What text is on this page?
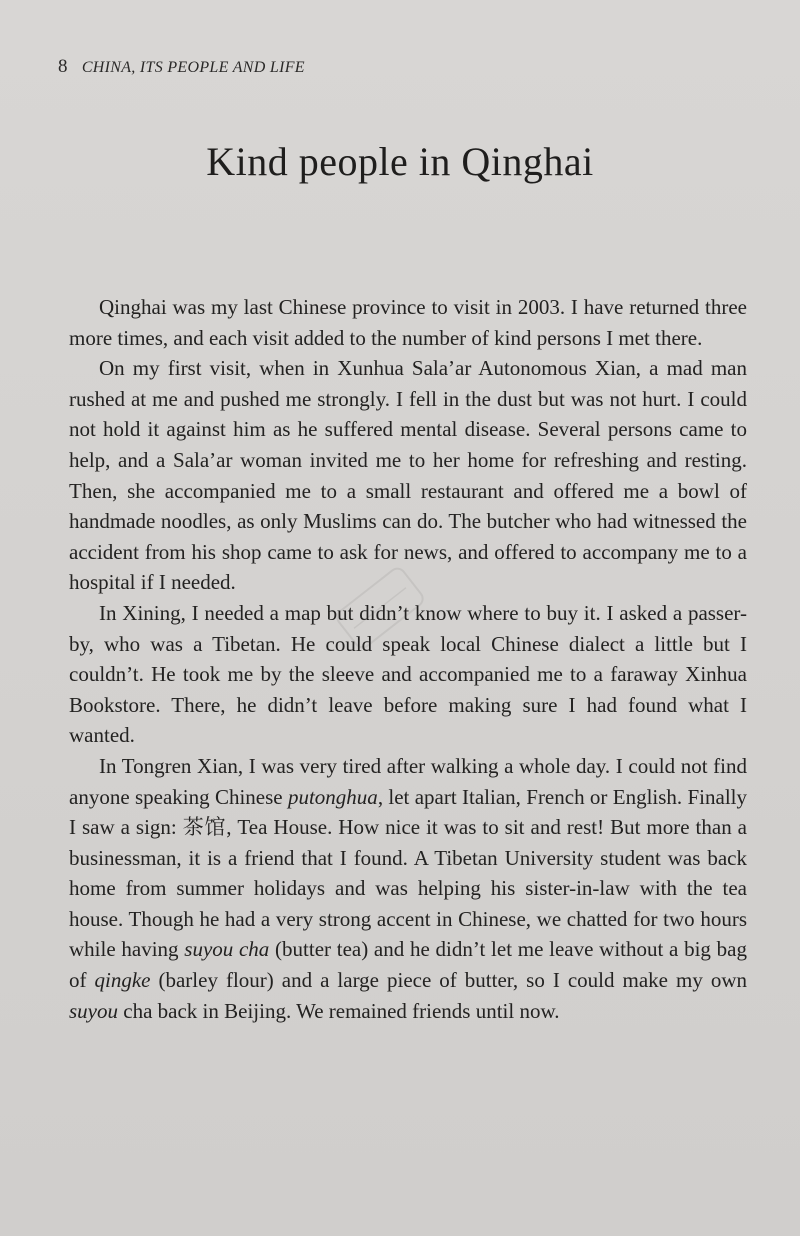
8 CHINA, ITS PEOPLE AND LIFE
Kind people in Qinghai

Qinghai was my last Chinese province to visit in 2003. I have returned three more times, and each visit added to the number of kind persons I met there.

On my first visit, when in Xunhua Sala’ar Autonomous Xian, a mad man rushed at me and pushed me strongly. I fell in the dust but was not hurt. I could not hold it against him as he suffered mental disease. Several persons came to help, and a Sala’ar woman invited me to her home for refreshing and resting. Then, she accompanied me to a small restaurant and offered me a bowl of handmade noodles, as only Muslims can do. The butcher who had witnessed the accident from his shop came to ask for news, and offered to accompany me to a hospital if I needed.

In Xining, I needed a map but didn’t know where to buy it. I asked a passer-by, who was a Tibetan. He could speak local Chinese dialect a little but I couldn’t. He took me by the sleeve and accompanied me to a faraway Xinhua Bookstore. There, he didn’t leave before making sure I had found what I wanted.

In Tongren Xian, I was very tired after walking a whole day. I could not find anyone speaking Chinese putonghua, let apart Italian, French or English. Finally I saw a sign: 茶馆, Tea House. How nice it was to sit and rest! But more than a businessman, it is a friend that I found. A Tibetan University student was back home from summer holidays and was helping his sister-in-law with the tea house. Though he had a very strong accent in Chinese, we chatted for two hours while having suyou cha (butter tea) and he didn’t let me leave without a big bag of qingke (barley flour) and a large piece of butter, so I could make my own suyou cha back in Beijing. We remained friends until now.
